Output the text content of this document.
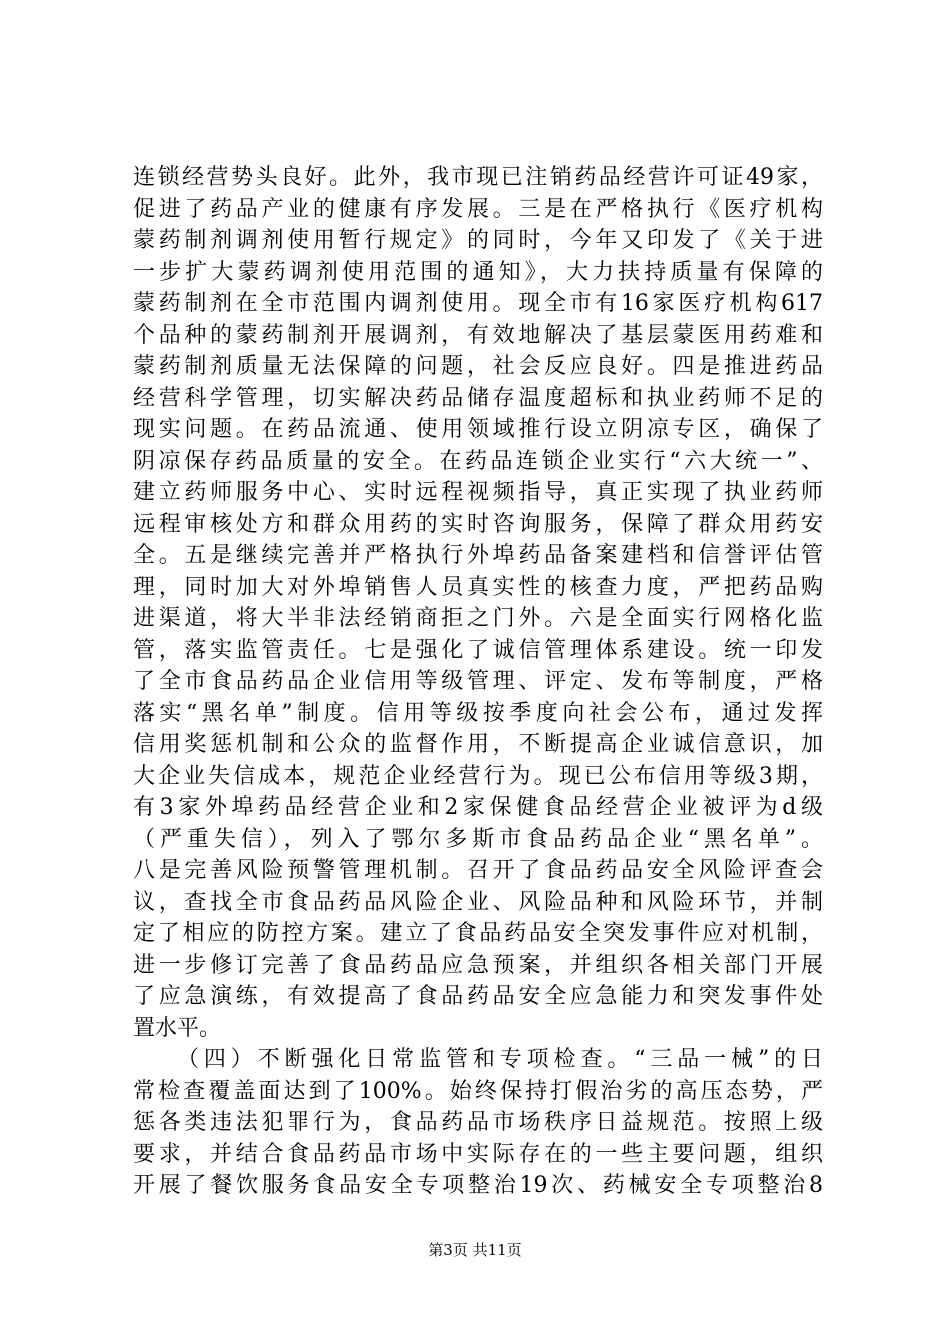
连锁经营势头良好。此外，我市现已注销药品经营许可证49家，
促进了药品产业的健康有序发展。三是在严格执行《医疗机构
蒙药制剂调剂使用暂行规定》的同时，今年又印发了《关于进
一步扩大蒙药调剂使用范围的通知》，大力扶持质量有保障的
蒙药制剂在全市范围内调剂使用。现全市有16家医疗机构617
个品种的蒙药制剂开展调剂，有效地解决了基层蒙医用药难和
蒙药制剂质量无法保障的问题，社会反应良好。四是推进药品
经营科学管理，切实解决药品储存温度超标和执业药师不足的
现实问题。在药品流通、使用领域推行设立阴凉专区，确保了
阴凉保存药品质量的安全。在药品连锁企业实行“六大统一”、
建立药师服务中心、实时远程视频指导，真正实现了执业药师
远程审核处方和群众用药的实时咨询服务，保障了群众用药安
全。五是继续完善并严格执行外埠药品备案建档和信誉评估管
理，同时加大对外埠销售人员真实性的核查力度，严把药品购
进渠道，将大半非法经销商拒之门外。六是全面实行网格化监
管，落实监管责任。七是强化了诚信管理体系建设。统一印发
了全市食品药品企业信用等级管理、评定、发布等制度，严格
落实“黑名单”制度。信用等级按季度向社会公布，通过发挥
信用奖惩机制和公众的监督作用，不断提高企业诚信意识，加
大企业失信成本，规范企业经营行为。现已公布信用等级3期，
有3家外埠药品经营企业和2家保健食品经营企业被评为d级
（严重失信），列入了鄂尔多斯市食品药品企业“黑名单”。
八是完善风险预警管理机制。召开了食品药品安全风险评查会
议，查找全市食品药品风险企业、风险品种和风险环节，并制
定了相应的防控方案。建立了食品药品安全突发事件应对机制，
进一步修订完善了食品药品应急预案，并组织各相关部门开展
了应急演练，有效提高了食品药品安全应急能力和突发事件处
置水平。
（四）不断强化日常监管和专项检查。“三品一械”的日
常检查覆盖面达到了100%。始终保持打假治劣的高压态势，严
惩各类违法犯罪行为，食品药品市场秩序日益规范。按照上级
要求，并结合食品药品市场中实际存在的一些主要问题，组织
开展了餐饮服务食品安全专项整治19次、药械安全专项整治8
第3页 共11页
